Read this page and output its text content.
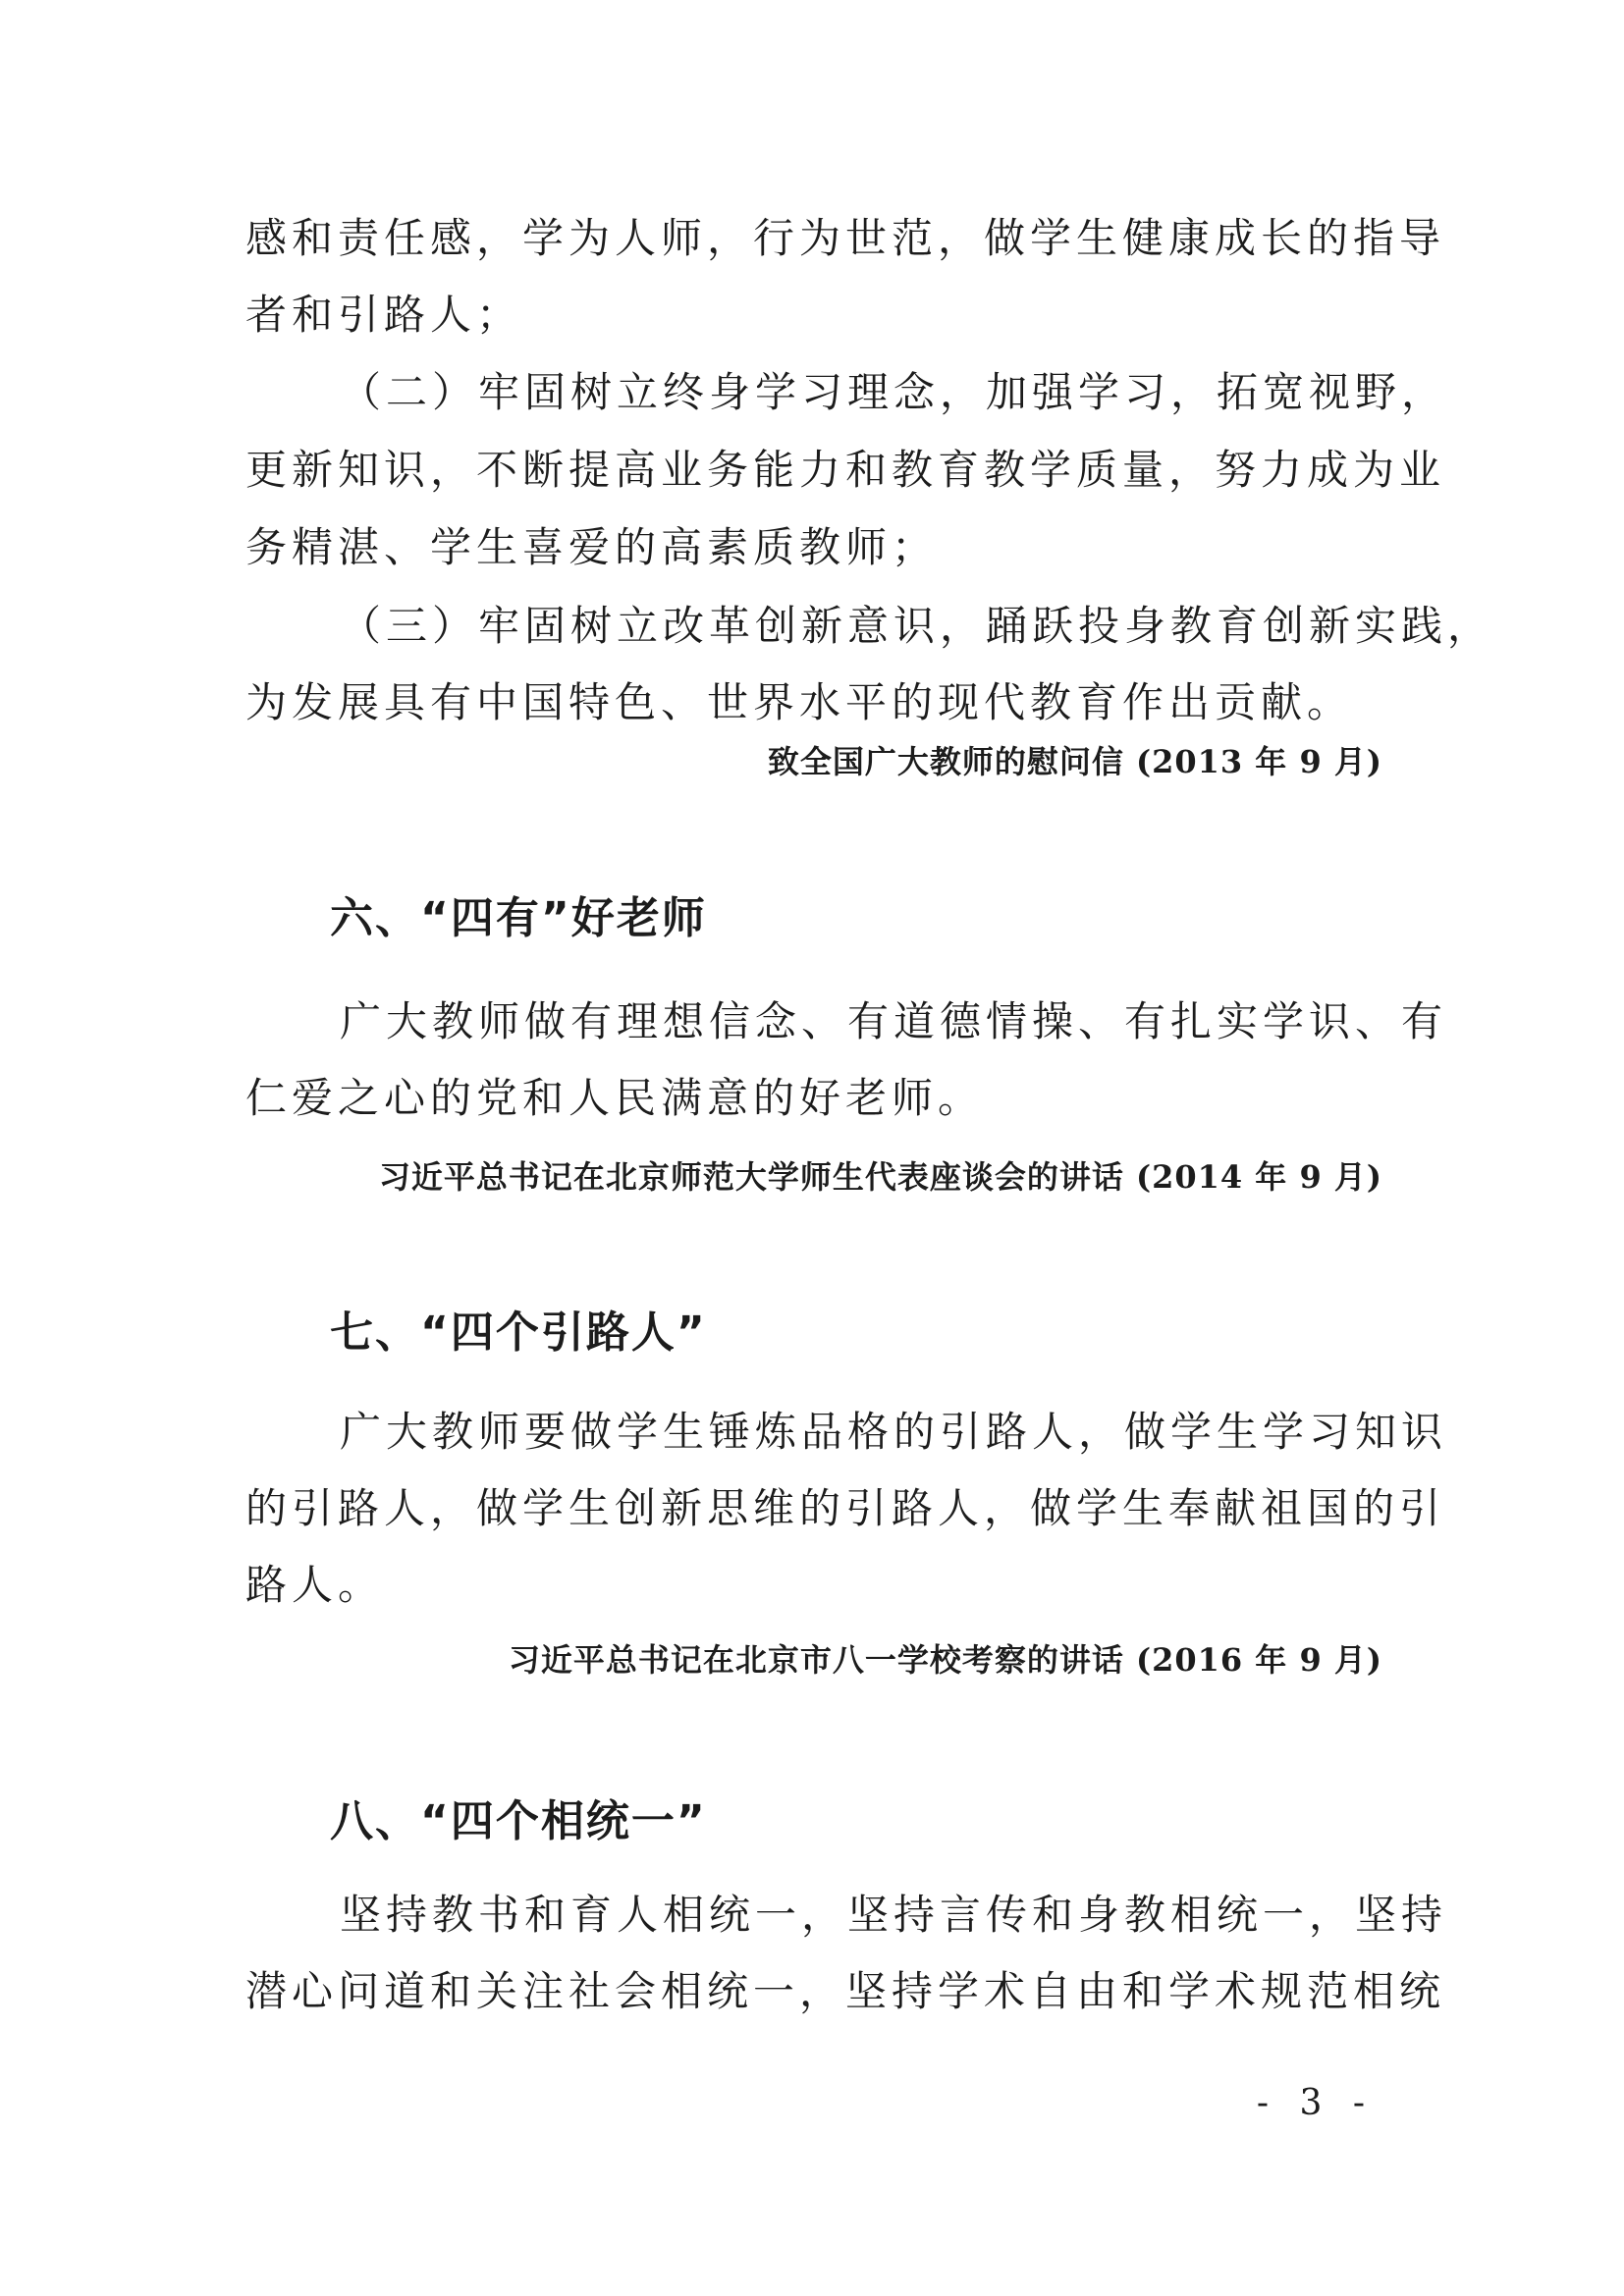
感和责任感，学为人师，行为世范，做学生健康成长的指导
者和引路人；
（二）牢固树立终身学习理念，加强学习，拓宽视野，
更新知识，不断提高业务能力和教育教学质量，努力成为业
务精湛、学生喜爱的高素质教师；
（三）牢固树立改革创新意识，踊跃投身教育创新实践，
为发展具有中国特色、世界水平的现代教育作出贡献。
致全国广大教师的慰问信 (2013 年 9 月)
六、“四有”好老师
广大教师做有理想信念、有道德情操、有扎实学识、有
仁爱之心的党和人民满意的好老师。
习近平总书记在北京师范大学师生代表座谈会的讲话 (2014 年 9 月)
七、“四个引路人”
广大教师要做学生锤炼品格的引路人，做学生学习知识
的引路人，做学生创新思维的引路人，做学生奉献祖国的引
路人。
习近平总书记在北京市八一学校考察的讲话 (2016 年 9 月)
八、“四个相统一”
坚持教书和育人相统一，坚持言传和身教相统一，坚持
潜心问道和关注社会相统一，坚持学术自由和学术规范相统
- 3 -
